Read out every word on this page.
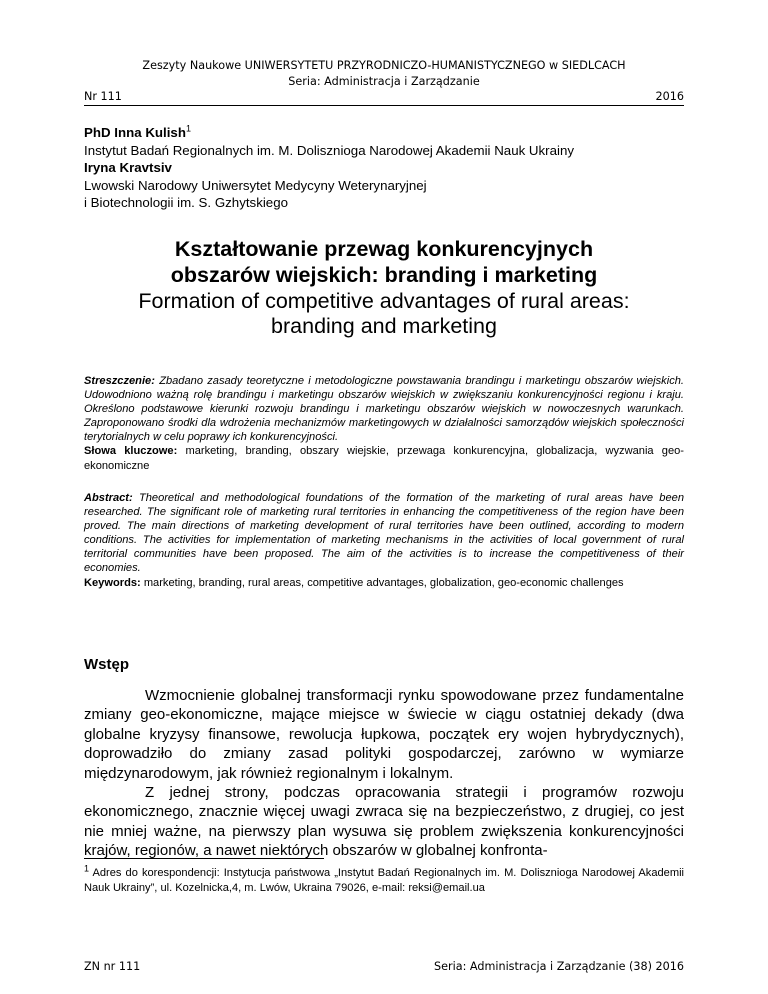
Zeszyty Naukowe UNIWERSYTETU PRZYRODNICZO-HUMANISTYCZNEGO w SIEDLCACH
Seria: Administracja i Zarządzanie
Nr 111	2016
PhD Inna Kulish$^1$
Instytut Badań Regionalnych im. M. Dolisznioga Narodowej Akademii Nauk Ukrainy
Iryna Kravtsiv
Lwowski Narodowy Uniwersytet Medycyny Weterynaryjnej
i Biotechnologii im. S. Gzhytskiego
Kształtowanie przewag konkurencyjnych
obszarów wiejskich: branding i marketing
Formation of competitive advantages of rural areas:
branding and marketing
Streszczenie: Zbadano zasady teoretyczne i metodologiczne powstawania brandingu i marketingu obszarów wiejskich. Udowodniono ważną rolę brandingu i marketingu obszarów wiejskich w zwiększaniu konkurencyjności regionu i kraju. Określono podstawowe kierunki rozwoju brandingu i marketingu obszarów wiejskich w nowoczesnych warunkach. Zaproponowano środki dla wdrożenia mechanizmów marketingowych w działalności samorządów wiejskich społeczności terytorialnych w celu poprawy ich konkurencyjności.
Słowa kluczowe: marketing, branding, obszary wiejskie, przewaga konkurencyjna, globalizacja, wyzwania geo-ekonomiczne
Abstract: Theoretical and methodological foundations of the formation of the marketing of rural areas have been researched. The significant role of marketing rural territories in enhancing the competitiveness of the region have been proved. The main directions of marketing development of rural territories have been outlined, according to modern conditions. The activities for implementation of marketing mechanisms in the activities of local government of rural territorial communities have been proposed. The aim of the activities is to increase the competitiveness of their economies.
Keywords: marketing, branding, rural areas, competitive advantages, globalization, geo-economic challenges
Wstęp

Wzmocnienie globalnej transformacji rynku spowodowane przez fundamentalne zmiany geo-ekonomiczne, mające miejsce w świecie w ciągu ostatniej dekady (dwa globalne kryzysy finansowe, rewolucja łupkowa, początek ery wojen hybrydycznych), doprowadziło do zmiany zasad polityki gospodarczej, zarówno w wymiarze międzynarodowym, jak również regionalnym i lokalnym.

Z jednej strony, podczas opracowania strategii i programów rozwoju ekonomicznego, znacznie więcej uwagi zwraca się na bezpieczeństwo, z drugiej, co jest nie mniej ważne, na pierwszy plan wysuwa się problem zwiększenia konkurencyjności krajów, regionów, a nawet niektórych obszarów w globalnej konfronta-

$^1$ Adres do korespondencji: Instytucja państwowa „Instytut Badań Regionalnych im. M. Dolisznioga Narodowej Akademii Nauk Ukrainy”, ul. Kozelnicka,4, m. Lwów, Ukraina 79026, e-mail: reksi@email.ua
ZN nr 111	Seria: Administracja i Zarządzanie (38) 2016
